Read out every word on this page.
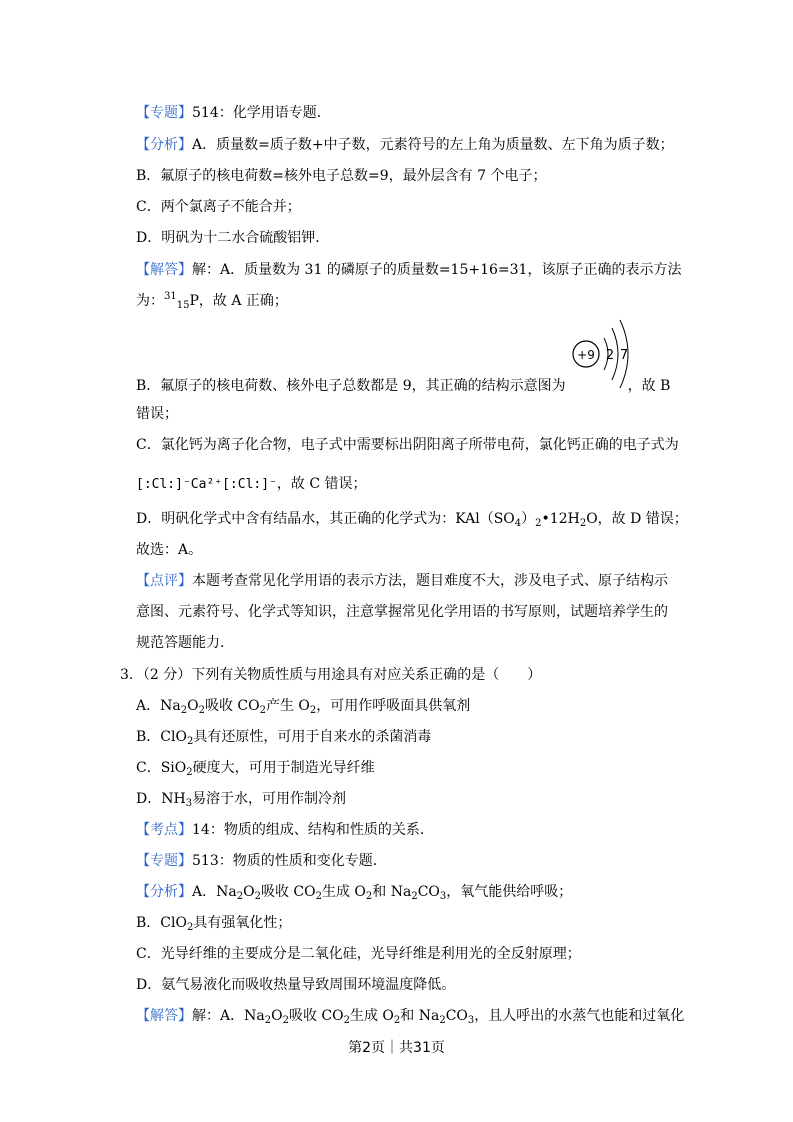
【专题】514：化学用语专题．
【分析】A．质量数=质子数+中子数，元素符号的左上角为质量数、左下角为质子数；
B．氟原子的核电荷数=核外电子总数=9，最外层含有 7 个电子；
C．两个氯离子不能合并；
D．明矾为十二水合硫酸铝钾．
【解答】解：A．质量数为 31 的磷原子的质量数=15+16=31，该原子正确的表示方法
为：$^{31}_{15}$P，故 A 正确；
+9 2 7
B．氟原子的核电荷数、核外电子总数都是 9，其正确的结构示意图为	，故 B
错误；
C．氯化钙为离子化合物，电子式中需要标出阴阳离子所带电荷，氯化钙正确的电子式为
[:Cl:]⁻Ca²⁺[:Cl:]⁻，故 C 错误；
D．明矾化学式中含有结晶水，其正确的化学式为：$KAl(SO_4)_2•12H_2O$，故 D 错误；
故选：A。
【点评】本题考查常见化学用语的表示方法，题目难度不大，涉及电子式、原子结构示
意图、元素符号、化学式等知识，注意掌握常见化学用语的书写原则，试题培养学生的
规范答题能力．
3．（2 分）下列有关物质性质与用途具有对应关系正确的是（　　）
A．$Na_2O_2$吸收 $CO_2$产生 $O_2$，可用作呼吸面具供氧剂
B．ClO$_2$具有还原性，可用于自来水的杀菌消毒
C．SiO$_2$硬度大，可用于制造光导纤维
D．$NH_3$易溶于水，可用作制冷剂
【考点】14：物质的组成、结构和性质的关系．
【专题】513：物质的性质和变化专题．
【分析】A．$Na_2O_2$吸收 $CO_2$生成 $O_2$和 $Na_2CO_3$，氧气能供给呼吸；
B．ClO$_2$具有强氧化性；
C．光导纤维的主要成分是二氧化硅，光导纤维是利用光的全反射原理；
D．氨气易液化而吸收热量导致周围环境温度降低。
【解答】解：A．$Na_2O_2$吸收 $CO_2$生成 $O_2$和 $Na_2CO_3$，且人呼出的水蒸气也能和过氧化
第2页｜共31页
